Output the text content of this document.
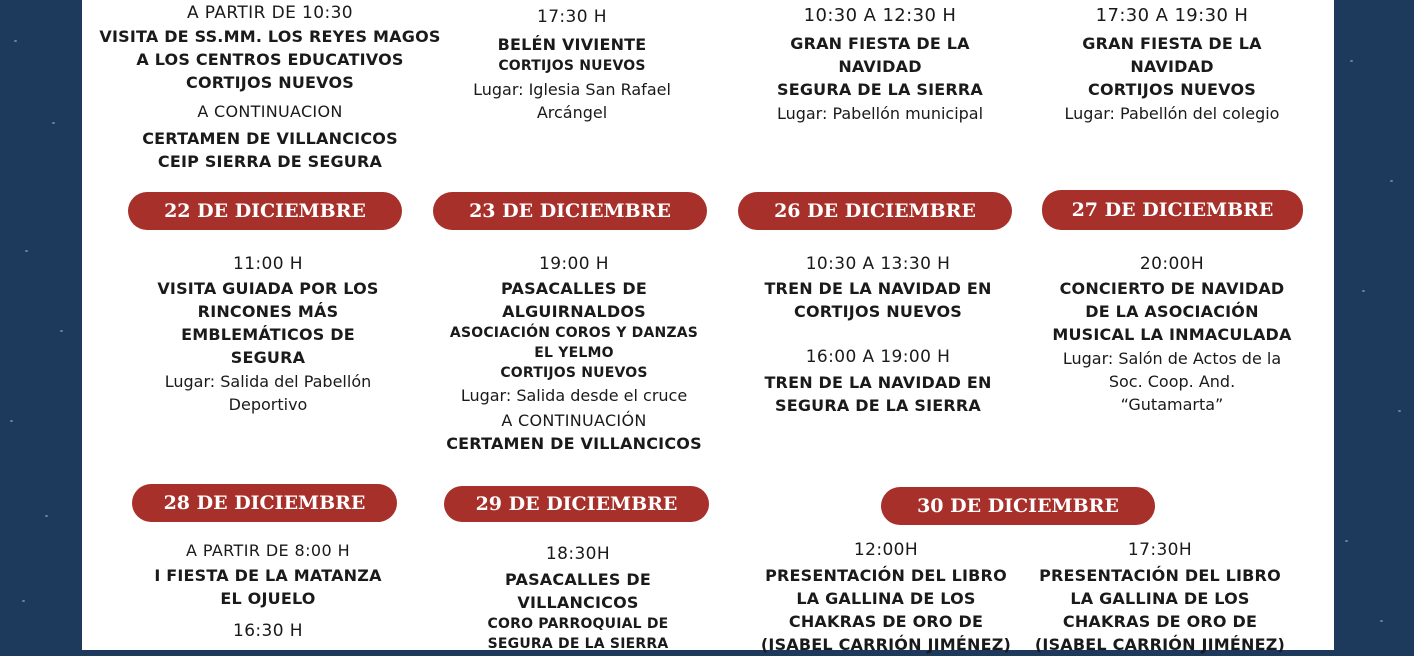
A PARTIR DE 10:30
VISITA DE SS.MM. LOS REYES MAGOS
A LOS CENTROS EDUCATIVOS
CORTIJOS NUEVOS
A CONTINUACION
CERTAMEN DE VILLANCICOS
CEIP SIERRA DE SEGURA
17:30 H
BELÉN VIVIENTE
CORTIJOS NUEVOS
Lugar: Iglesia San Rafael
Arcángel
10:30 A 12:30 H
GRAN FIESTA DE LA
NAVIDAD
SEGURA DE LA SIERRA
Lugar: Pabellón municipal
17:30 A 19:30 H
GRAN FIESTA DE LA
NAVIDAD
CORTIJOS NUEVOS
Lugar: Pabellón del colegio
22 DE DICIEMBRE	23 DE DICIEMBRE	26 DE DICIEMBRE	27 DE DICIEMBRE
11:00 H
VISITA GUIADA POR LOS
RINCONES MÁS
EMBLEMÁTICOS DE
SEGURA
Lugar: Salida del Pabellón
Deportivo
19:00 H
PASACALLES DE
ALGUIRNALDOS
ASOCIACIÓN COROS Y DANZAS
EL YELMO
CORTIJOS NUEVOS
Lugar: Salida desde el cruce
A CONTINUACIÓN
CERTAMEN DE VILLANCICOS
10:30 A 13:30 H
TREN DE LA NAVIDAD EN
CORTIJOS NUEVOS
16:00 A 19:00 H
TREN DE LA NAVIDAD EN
SEGURA DE LA SIERRA
20:00H
CONCIERTO DE NAVIDAD
DE LA ASOCIACIÓN
MUSICAL LA INMACULADA
Lugar: Salón de Actos de la
Soc. Coop. And.
“Gutamarta”
28 DE DICIEMBRE	29 DE DICIEMBRE	30 DE DICIEMBRE
A PARTIR DE 8:00 H
I FIESTA DE LA MATANZA
EL OJUELO
16:30 H
18:30H
PASACALLES DE
VILLANCICOS
CORO PARROQUIAL DE
SEGURA DE LA SIERRA
12:00H
PRESENTACIÓN DEL LIBRO
LA GALLINA DE LOS
CHAKRAS DE ORO DE
(ISABEL CARRIÓN JIMÉNEZ)
17:30H
PRESENTACIÓN DEL LIBRO
LA GALLINA DE LOS
CHAKRAS DE ORO DE
(ISABEL CARRIÓN JIMÉNEZ)
